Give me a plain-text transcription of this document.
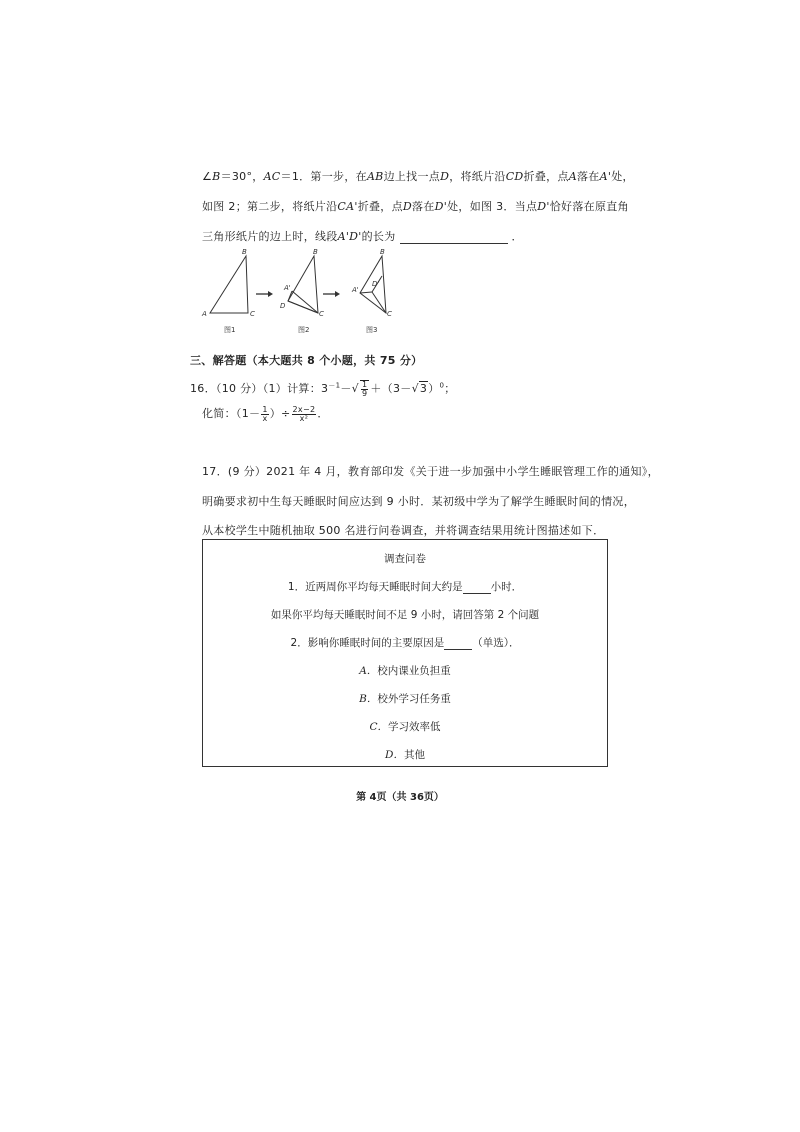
∠B＝30°，AC＝1．第一步，在AB边上找一点D，将纸片沿CD折叠，点A落在A'处，
如图 2；第二步，将纸片沿CA'折叠，点D落在D'处，如图 3．当点D'恰好落在原直角
三角形纸片的边上时，线段A'D'的长为	．
B
A	C
图1
B
A'
D
C
图2
B
A'
D'
C
图3
三、解答题（本大题共 8 个小题，共 75 分）
16．（10 分）（1）计算：$3^{-1}-√ \frac{1}{9} +(3-√3)^0$；
化简：（$1- \frac{1}{x}$ ）÷ $\frac{2x-2}{\text{x²}}$ ．
17．(9 分）2021 年 4 月，教育部印发《关于进一步加强中小学生睡眠管理工作的通知》，
明确要求初中生每天睡眠时间应达到 9 小时．某初级中学为了解学生睡眠时间的情况，
从本校学生中随机抽取 500 名进行问卷调查，并将调查结果用统计图描述如下．
调查问卷
1．近两周你平均每天睡眠时间大约是	小时．
如果你平均每天睡眠时间不足 9 小时，请回答第 2 个问题
2．影响你睡眠时间的主要原因是	（单选）．
A．校内课业负担重
B．校外学习任务重
C．学习效率低
D．其他
第 4页（共 36页）
